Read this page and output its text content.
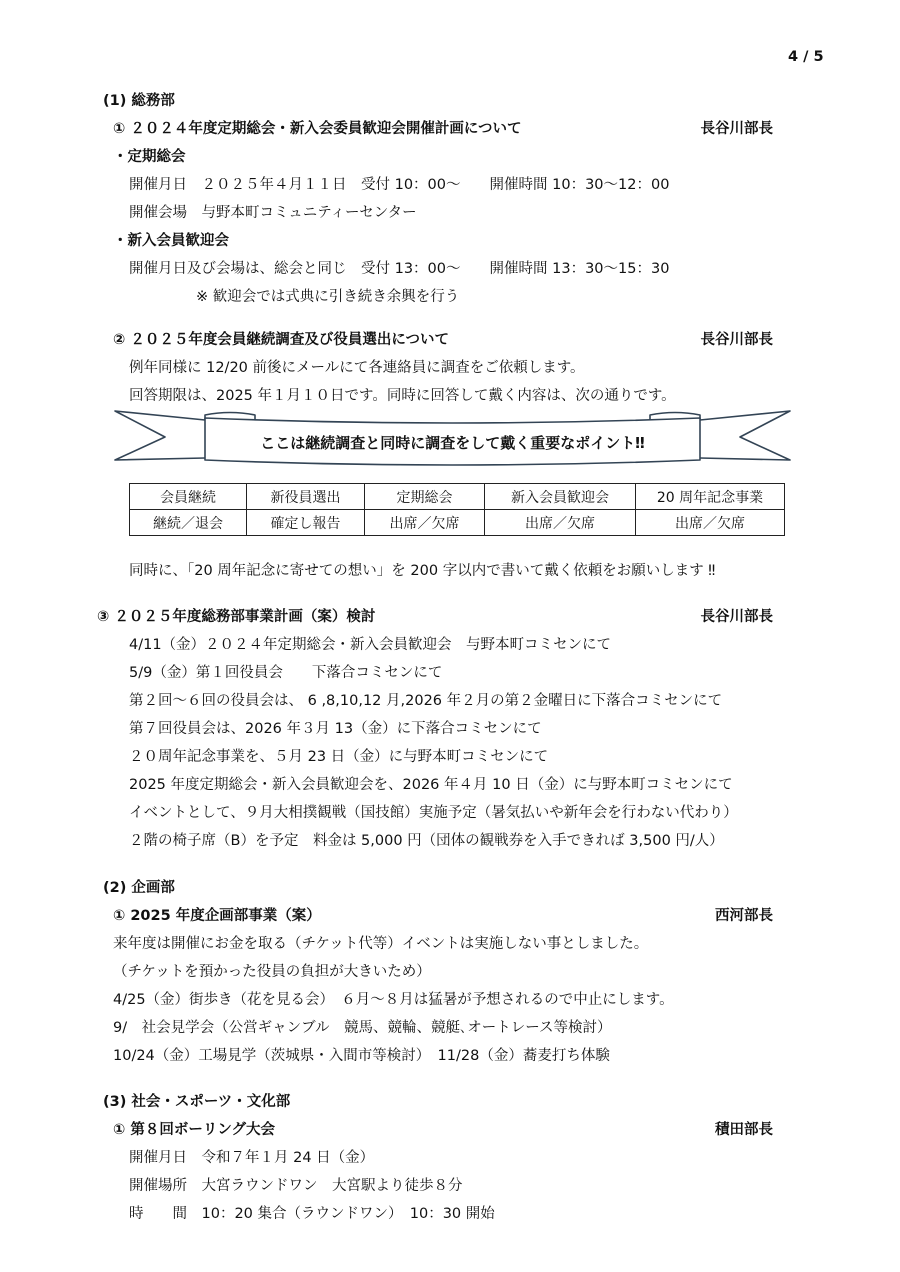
4 / 5
(1) 総務部
① ２０２４年度定期総会・新入会委員歓迎会開催計画について	長谷川部長
・定期総会
開催月日　２０２５年４月１１日　受付 10：00～　　開催時間 10：30～12：00
開催会場　与野本町コミュニティーセンター
・新入会員歓迎会
開催月日及び会場は、総会と同じ　受付 13：00～　　開催時間 13：30～15：30
※ 歓迎会では式典に引き続き余興を行う
② ２０２５年度会員継続調査及び役員選出について	長谷川部長
例年同様に 12/20 前後にメールにて各連絡員に調査をご依頼します。
回答期限は、2025 年１月１０日です。同時に回答して戴く内容は、次の通りです。
ここは継続調査と同時に調査をして戴く重要なポイント‼
会員継続	新役員選出	定期総会	新入会員歓迎会	20 周年記念事業
継続／退会	確定し報告	出席／欠席	出席／欠席	出席／欠席
同時に、「20 周年記念に寄せての想い」を 200 字以内で書いて戴く依頼をお願いします ‼
③ ２０２５年度総務部事業計画（案）検討	長谷川部長
4/11（金）２０２４年定期総会・新入会員歓迎会　与野本町コミセンにて
5/9（金）第１回役員会　　下落合コミセンにて
第２回～６回の役員会は、 6 ,8,10,12 月,2026 年２月の第２金曜日に下落合コミセンにて
第７回役員会は、2026 年３月 13（金）に下落合コミセンにて
２０周年記念事業を、５月 23 日（金）に与野本町コミセンにて
2025 年度定期総会・新入会員歓迎会を、2026 年４月 10 日（金）に与野本町コミセンにて
イベントとして、９月大相撲観戦（国技館）実施予定（暑気払いや新年会を行わない代わり）
２階の椅子席（B）を予定　料金は 5,000 円（団体の観戦券を入手できれば 3,500 円/人）
(2) 企画部
① 2025 年度企画部事業（案）	西河部長
来年度は開催にお金を取る（チケット代等）イベントは実施しない事としました。
（チケットを預かった役員の負担が大きいため）
4/25（金）街歩き（花を見る会）　６月～８月は猛暑が予想されるので中止にします。
9/　社会見学会（公営ギャンブル　競馬、競輪、競艇､オートレース等検討）
10/24（金）工場見学（茨城県・入間市等検討）　11/28（金）蕎麦打ち体験
(3) 社会・スポーツ・文化部
① 第８回ボーリング大会	積田部長
開催月日　令和７年１月 24 日（金）
開催場所　大宮ラウンドワン　大宮駅より徒歩８分
時　　間　10：20 集合（ラウンドワン）　10：30 開始
